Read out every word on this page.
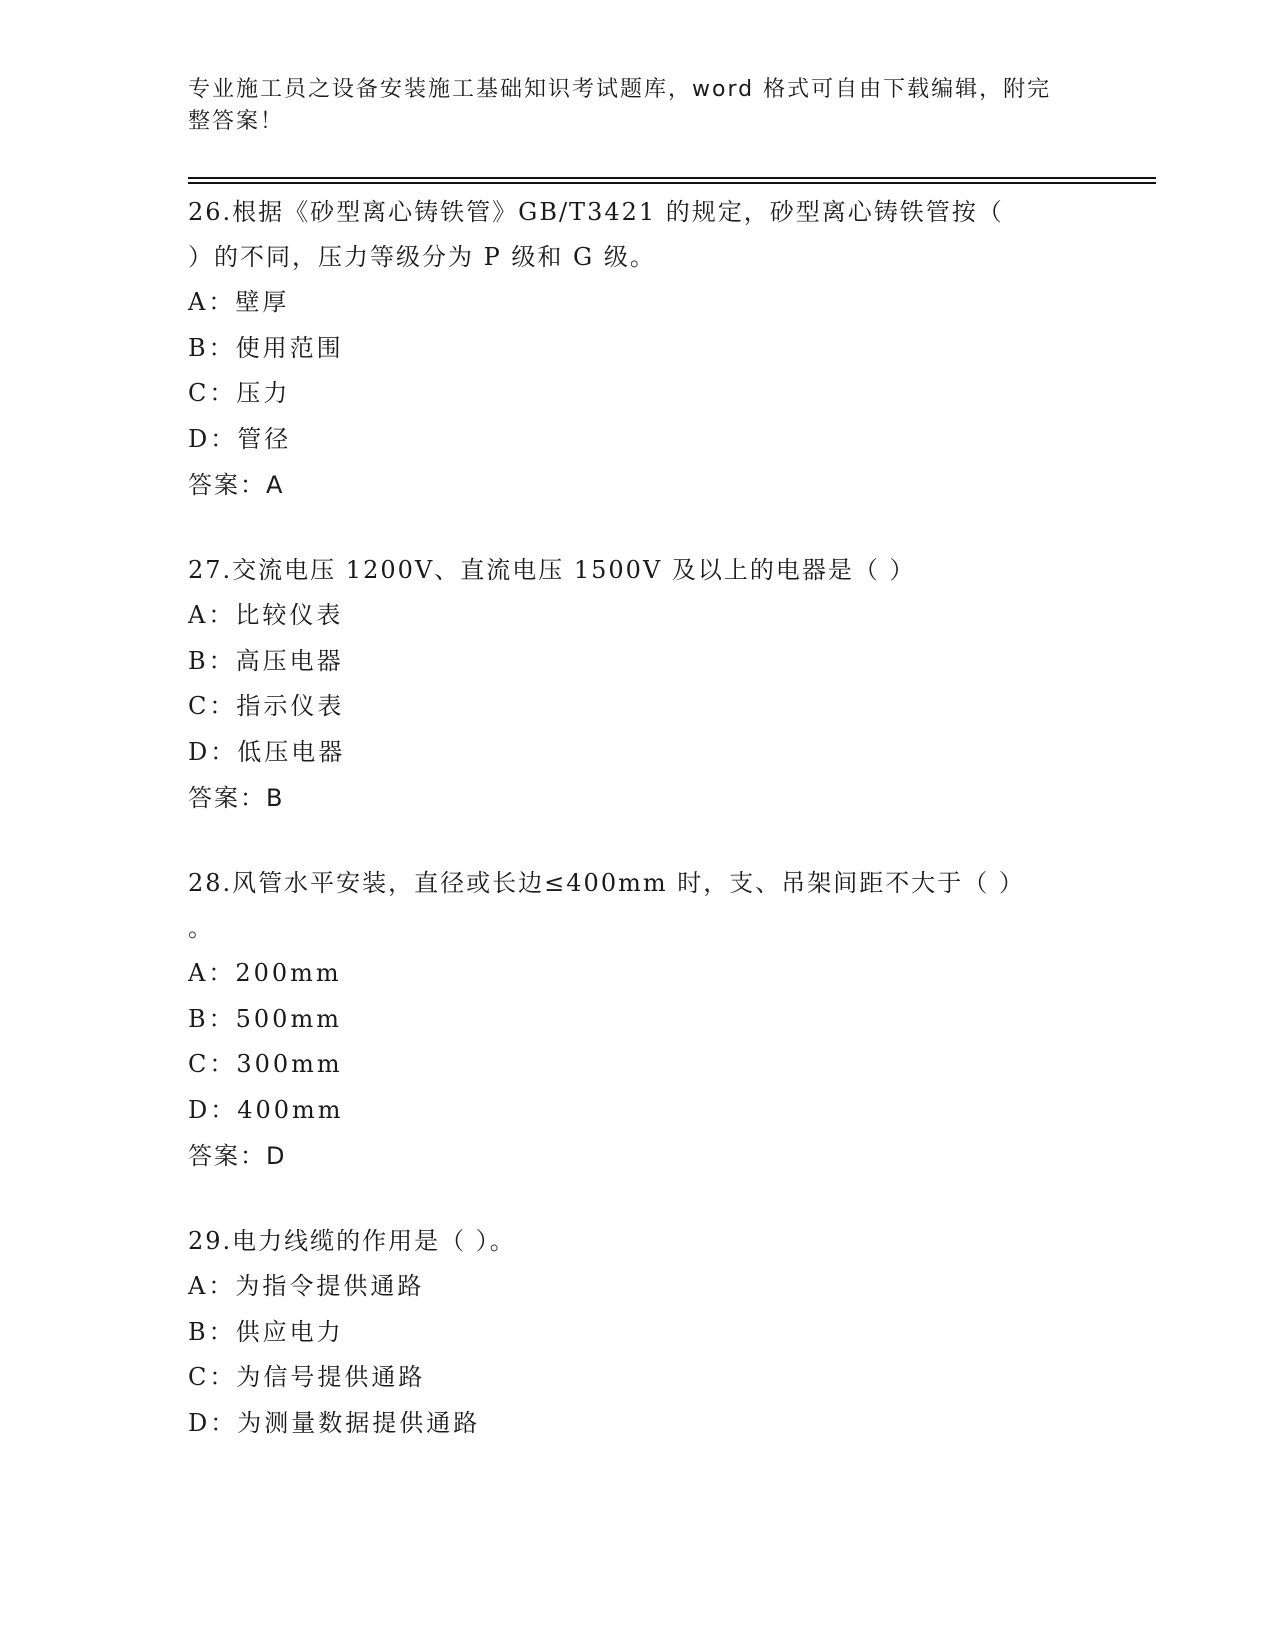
专业施工员之设备安装施工基础知识考试题库，word 格式可自由下载编辑，附完
整答案！
26.根据《砂型离心铸铁管》GB/T3421 的规定，砂型离心铸铁管按（
）的不同，压力等级分为 P 级和 G 级。
A：壁厚
B：使用范围
C：压力
D：管径
答案：A
27.交流电压 1200V、直流电压 1500V 及以上的电器是（ ）
A：比较仪表
B：高压电器
C：指示仪表
D：低压电器
答案：B
28.风管水平安装，直径或长边≤400mm 时，支、吊架间距不大于（ ）
。
A：200mm
B：500mm
C：300mm
D：400mm
答案：D
29.电力线缆的作用是（ ）。
A：为指令提供通路
B：供应电力
C：为信号提供通路
D：为测量数据提供通路
